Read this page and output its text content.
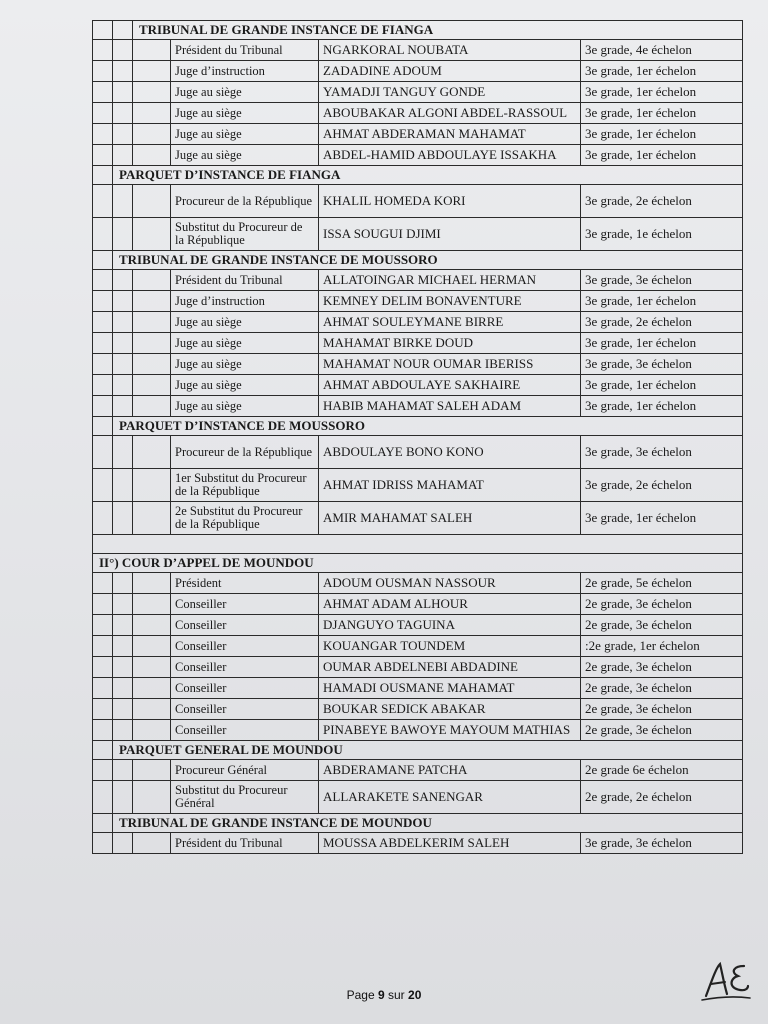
		TRIBUNAL DE GRANDE INSTANCE DE FIANGA			
			Président du Tribunal	NGARKORAL NOUBATA	3e grade, 4e échelon
			Juge d’instruction	ZADADINE ADOUM	3e grade, 1er échelon
			Juge au siège	YAMADJI TANGUY GONDE	3e grade, 1er échelon
			Juge au siège	ABOUBAKAR ALGONI ABDEL-RASSOUL	3e grade, 1er échelon
			Juge au siège	AHMAT ABDERAMAN MAHAMAT	3e grade, 1er échelon
			Juge au siège	ABDEL-HAMID ABDOULAYE ISSAKHA	3e grade, 1er échelon
	PARQUET D’INSTANCE DE FIANGA				
			Procureur de la République	KHALIL HOMEDA KORI	3e grade, 2e échelon
			Substitut du Procureur de la République	ISSA SOUGUI DJIMI	3e grade, 1e échelon
	TRIBUNAL DE GRANDE INSTANCE DE MOUSSORO				
			Président du Tribunal	ALLATOINGAR MICHAEL HERMAN	3e grade, 3e échelon
			Juge d’instruction	KEMNEY DELIM BONAVENTURE	3e grade, 1er échelon
			Juge au siège	AHMAT SOULEYMANE BIRRE	3e grade, 2e échelon
			Juge au siège	MAHAMAT BIRKE DOUD	3e grade, 1er échelon
			Juge au siège	MAHAMAT NOUR OUMAR IBERISS	3e grade, 3e échelon
			Juge au siège	AHMAT ABDOULAYE SAKHAIRE	3e grade, 1er échelon
			Juge au siège	HABIB MAHAMAT SALEH ADAM	3e grade, 1er échelon
	PARQUET D’INSTANCE DE MOUSSORO				
			Procureur de la République	ABDOULAYE BONO KONO	3e grade, 3e échelon
			1er Substitut du Procureur de la République	AHMAT IDRISS MAHAMAT	3e grade, 2e échelon
			2e Substitut du Procureur de la République	AMIR MAHAMAT SALEH	3e grade, 1er échelon

II°) COUR D’APPEL DE MOUNDOU					
			Président	ADOUM OUSMAN NASSOUR	2e grade, 5e échelon
			Conseiller	AHMAT ADAM ALHOUR	2e grade, 3e échelon
			Conseiller	DJANGUYO TAGUINA	2e grade, 3e échelon
			Conseiller	KOUANGAR TOUNDEM	:2e grade, 1er échelon
			Conseiller	OUMAR ABDELNEBI ABDADINE	2e grade, 3e échelon
			Conseiller	HAMADI OUSMANE MAHAMAT	2e grade, 3e échelon
			Conseiller	BOUKAR SEDICK ABAKAR	2e grade, 3e échelon
			Conseiller	PINABEYE BAWOYE MAYOUM MATHIAS	2e grade, 3e échelon
	PARQUET GENERAL DE MOUNDOU				
			Procureur Général	ABDERAMANE PATCHA	2e grade 6e échelon
			Substitut du Procureur Général	ALLARAKETE SANENGAR	2e grade, 2e échelon
	TRIBUNAL DE GRANDE INSTANCE DE MOUNDOU				
			Président du Tribunal	MOUSSA ABDELKERIM SALEH	3e grade, 3e échelon
Page 9 sur 20
